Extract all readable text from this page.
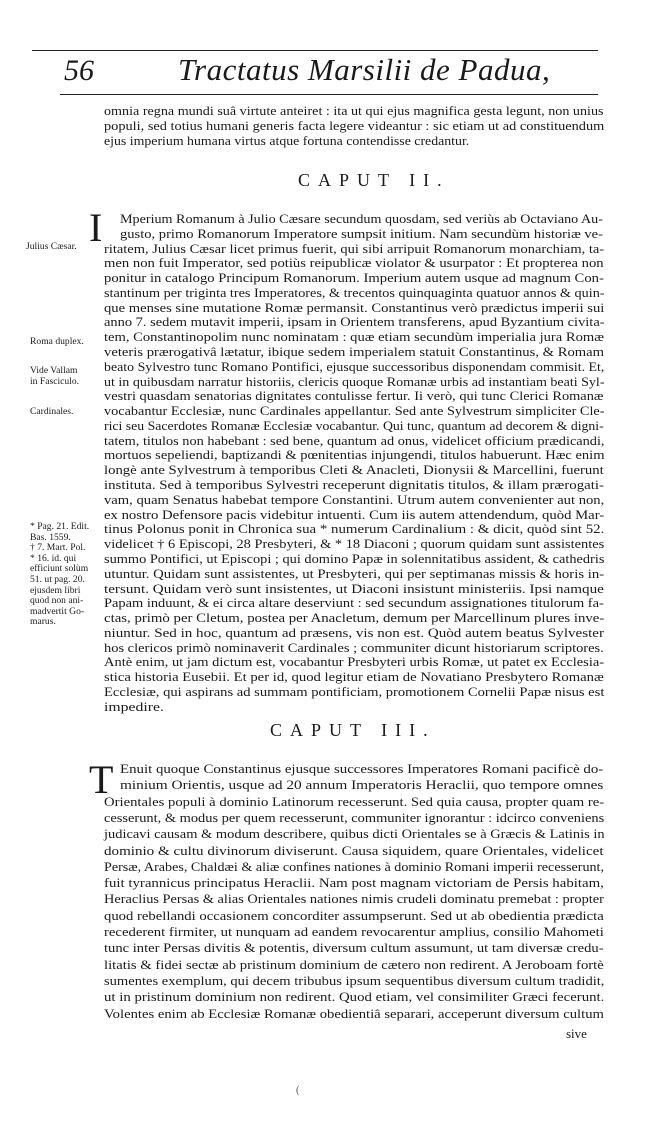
56	Tractatus Marsilii de Padua,
omnia regna mundi suâ virtute anteiret : ita ut qui ejus magnifica gesta legunt, non unius
populi, sed totius humani generis facta legere videantur : sic etiam ut ad constituendum
ejus imperium humana virtus atque fortuna contendisse credantur.
CAPUT II.
I Mperium Romanum à Julio Cæsare secundum quosdam, sed veriùs ab Octaviano Au-
gusto, primo Romanorum Imperatore sumpsit initium. Nam secundùm historiæ ve-
ritatem, Julius Cæsar licet primus fuerit, qui sibi arripuit Romanorum monarchiam, ta-
men non fuit Imperator, sed potiùs reipublicæ violator & usurpator : Et propterea non
ponitur in catalogo Principum Romanorum. Imperium autem usque ad magnum Con-
stantinum per triginta tres Imperatores, & trecentos quinquaginta quatuor annos & quin-
que menses sine mutatione Romæ permansit. Constantinus verò prædictus imperii sui
anno 7. sedem mutavit imperii, ipsam in Orientem transferens, apud Byzantium civita-
tem, Constantinopolim nunc nominatam : quæ etiam secundùm imperialia jura Romæ
veteris prærogativâ lætatur, ibique sedem imperialem statuit Constantinus, & Romam
beato Sylvestro tunc Romano Pontifici, ejusque successoribus disponendam commisit. Et,
ut in quibusdam narratur historiis, clericis quoque Romanæ urbis ad instantiam beati Syl-
vestri quasdam senatorias dignitates contulisse fertur. Ii verò, qui tunc Clerici Romanæ
vocabantur Ecclesiæ, nunc Cardinales appellantur. Sed ante Sylvestrum simpliciter Cle-
rici seu Sacerdotes Romanæ Ecclesiæ vocabantur. Qui tunc, quantum ad decorem & digni-
tatem, titulos non habebant : sed bene, quantum ad onus, videlicet officium prædicandi,
mortuos sepeliendi, baptizandi & pœnitentias injungendi, titulos habuerunt. Hæc enim
longè ante Sylvestrum à temporibus Cleti & Anacleti, Dionysii & Marcellini, fuerunt
instituta. Sed à temporibus Sylvestri receperunt dignitatis titulos, & illam prærogati-
vam, quam Senatus habebat tempore Constantini. Utrum autem convenienter aut non,
ex nostro Defensore pacis videbitur intuenti. Cum iis autem attendendum, quòd Mar-
tinus Polonus ponit in Chronica sua * numerum Cardinalium : & dicit, quòd sint 52.
videlicet † 6 Episcopi, 28 Presbyteri, & * 18 Diaconi ; quorum quidam sunt assistentes
summo Pontifici, ut Episcopi ; qui domino Papæ in solennitatibus assident, & cathedris
utuntur. Quidam sunt assistentes, ut Presbyteri, qui per septimanas missis & horis in-
tersunt. Quidam verò sunt insistentes, ut Diaconi insistunt ministeriis. Ipsi namque
Papam induunt, & ei circa altare deserviunt : sed secundum assignationes titulorum fa-
ctas, primò per Cletum, postea per Anacletum, demum per Marcellinum plures inve-
niuntur. Sed in hoc, quantum ad præsens, vis non est. Quòd autem beatus Sylvester
hos clericos primò nominaverit Cardinales ; communiter dicunt historiarum scriptores.
Antè enim, ut jam dictum est, vocabantur Presbyteri urbis Romæ, ut patet ex Ecclesia-
stica historia Eusebii. Et per id, quod legitur etiam de Novatiano Presbytero Romanæ
Ecclesiæ, qui aspirans ad summam pontificiam, promotionem Cornelii Papæ nisus est
impedire.
CAPUT III.
T Enuit quoque Constantinus ejusque successores Imperatores Romani pacificè do-
minium Orientis, usque ad 20 annum Imperatoris Heraclii, quo tempore omnes
Orientales populi à dominio Latinorum recesserunt. Sed quia causa, propter quam re-
cesserunt, & modus per quem recesserunt, communiter ignorantur : idcirco conveniens
judicavi causam & modum describere, quibus dicti Orientales se à Græcis & Latinis in
dominio & cultu divinorum diviserunt. Causa siquidem, quare Orientales, videlicet
Persæ, Arabes, Chaldæi & aliæ confines nationes à dominio Romani imperii recesserunt,
fuit tyrannicus principatus Heraclii. Nam post magnam victoriam de Persis habitam,
Heraclius Persas & alias Orientales nationes nimis crudeli dominatu premebat : propter
quod rebellandi occasionem concorditer assumpserunt. Sed ut ab obedientia prædicta
recederent firmiter, ut nunquam ad eandem revocarentur amplius, consilio Mahometi
tunc inter Persas divitis & potentis, diversum cultum assumunt, ut tam diversæ credu-
litatis & fidei sectæ ab pristinum dominium de cætero non redirent. A Jeroboam fortè
sumentes exemplum, qui decem tribubus ipsum sequentibus diversum cultum tradidit,
ut in pristinum dominium non redirent. Quod etiam, vel consimiliter Græci fecerunt.
Volentes enim ab Ecclesiæ Romanæ obedientiâ separari, acceperunt diversum cultum
sive
Julius Cæsar.
Roma duplex.
Vide Vallam
in Fasciculo.
Cardinales.
* Pag. 21. Edit.
Bas. 1559.
† 7. Mart. Pol.
* 16. id. qui
efficiunt solùm
51. ut pag. 20.
ejusdem libri
quod non ani-
madvertit Go-
marus.
(
